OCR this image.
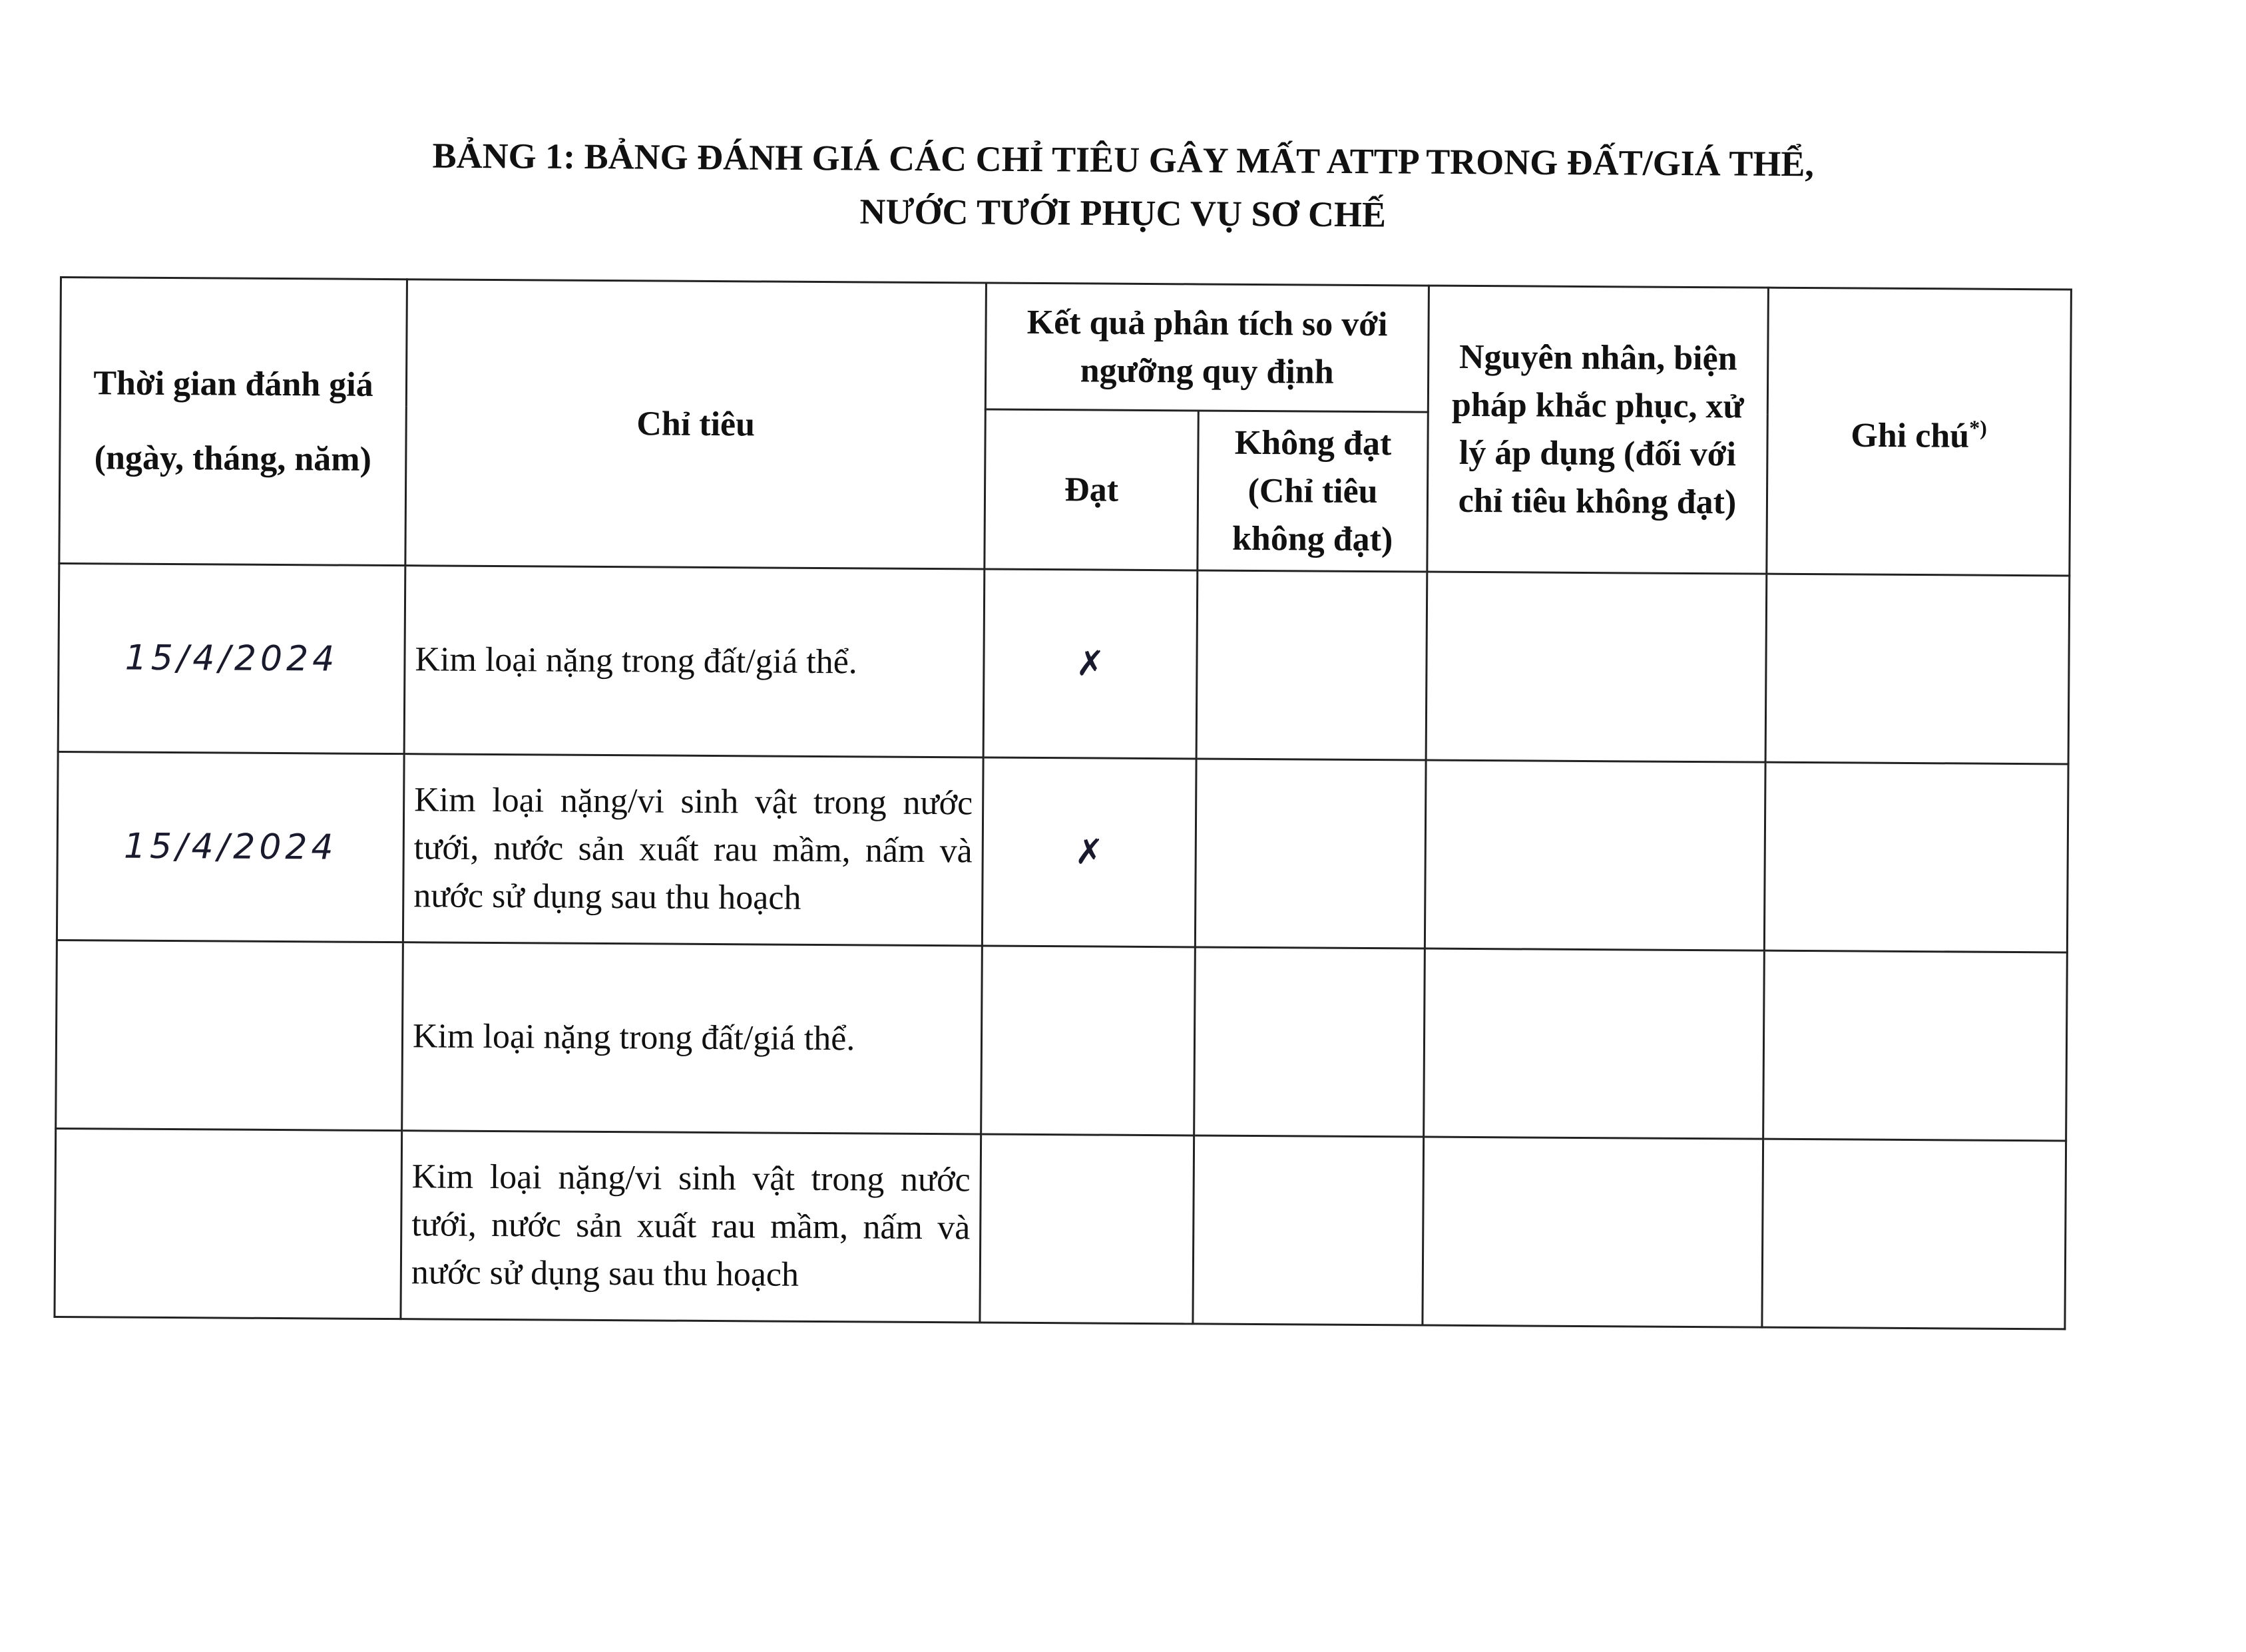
BẢNG 1: BẢNG ĐÁNH GIÁ CÁC CHỈ TIÊU GÂY MẤT ATTP TRONG ĐẤT/GIÁ THỂ,
NƯỚC TƯỚI PHỤC VỤ SƠ CHẾ
Thời gian đánh giá
(ngày, tháng, năm)	Chỉ tiêu	Kết quả phân tích so với ngưỡng quy định		Nguyên nhân, biện pháp khắc phục, xử lý áp dụng (đối với chỉ tiêu không đạt)	Ghi chú*)
		Đạt	Không đạt (Chỉ tiêu không đạt)		
15/4/2024	Kim loại nặng trong đất/giá thể.	✗			
15/4/2024	Kim loại nặng/vi sinh vật trong nước tưới, nước sản xuất rau mầm, nấm và nước sử dụng sau thu hoạch	✗			
	Kim loại nặng trong đất/giá thể.				
	Kim loại nặng/vi sinh vật trong nước tưới, nước sản xuất rau mầm, nấm và nước sử dụng sau thu hoạch				
